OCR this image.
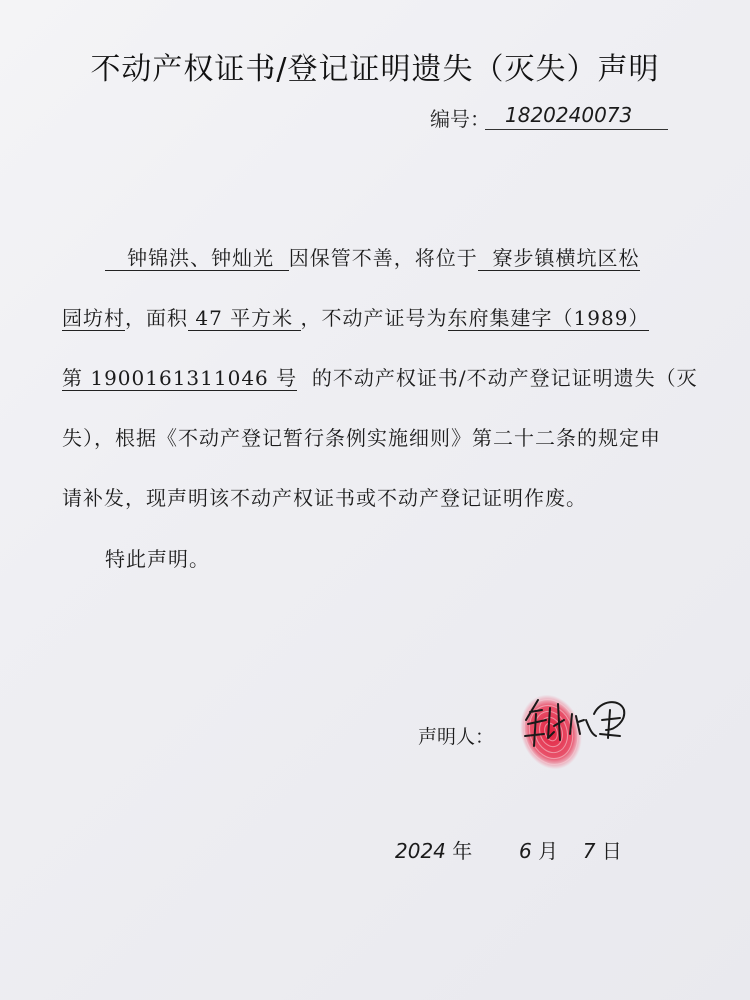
不动产权证书/登记证明遗失（灭失）声明
编号： 1820240073
钟锦洪、钟灿光 因保管不善，将位于 寮步镇横坑区松
园坊村，面积 47 平方米 ，不动产证号为东府集建字（1989）
第 1900161311046 号 的不动产权证书/不动产登记证明遗失（灭
失），根据《不动产登记暂行条例实施细则》第二十二条的规定申
请补发，现声明该不动产权证书或不动产登记证明作废。
特此声明。
声明人：
2024 年 6 月 7 日
